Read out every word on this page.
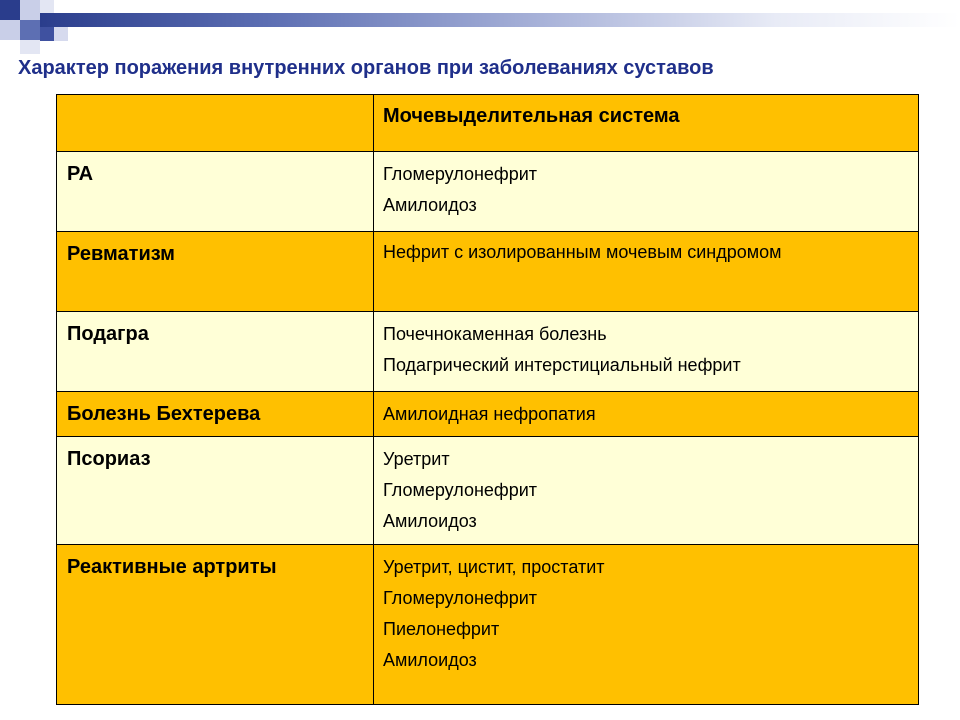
Характер поражения внутренних органов при заболеваниях суставов
	Мочевыделительная система
РА	Гломерулонефрит
Амилоидоз

Ревматизм	Нефрит с изолированным мочевым синдромом

Подагра	Почечнокаменная болезнь
Подагрический интерстициальный нефрит

Болезнь Бехтерева	Амилоидная нефропатия

Псориаз	Уретрит
Гломерулонефрит
Амилоидоз

Реактивные артриты	Уретрит, цистит, простатит
Гломерулонефрит
Пиелонефрит
Амилоидоз
